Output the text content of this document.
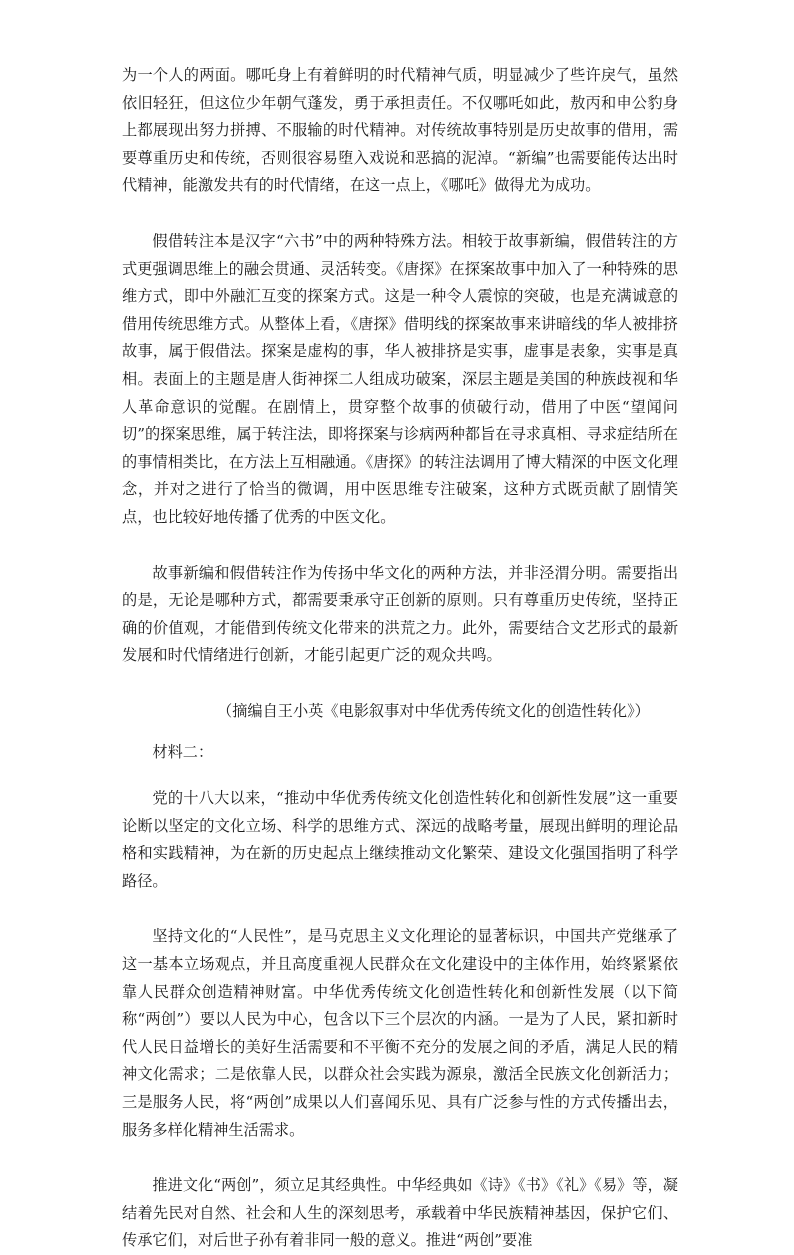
为一个人的两面。哪吒身上有着鲜明的时代精神气质，明显减少了些许戾气，虽然依旧轻狂，但这位少年朝气蓬发，勇于承担责任。不仅哪吒如此，敖丙和申公豹身上都展现出努力拼搏、不服输的时代精神。对传统故事特别是历史故事的借用，需要尊重历史和传统，否则很容易堕入戏说和恶搞的泥淖。“新编”也需要能传达出时代精神，能激发共有的时代情绪，在这一点上，《哪吒》做得尤为成功。

假借转注本是汉字“六书”中的两种特殊方法。相较于故事新编，假借转注的方式更强调思维上的融会贯通、灵活转变。《唐探》在探案故事中加入了一种特殊的思维方式，即中外融汇互变的探案方式。这是一种令人震惊的突破，也是充满诚意的借用传统思维方式。从整体上看，《唐探》借明线的探案故事来讲暗线的华人被排挤故事，属于假借法。探案是虚构的事，华人被排挤是实事，虚事是表象，实事是真相。表面上的主题是唐人街神探二人组成功破案，深层主题是美国的种族歧视和华人革命意识的觉醒。在剧情上，贯穿整个故事的侦破行动，借用了中医“望闻问切”的探案思维，属于转注法，即将探案与诊病两种都旨在寻求真相、寻求症结所在的事情相类比，在方法上互相融通。《唐探》的转注法调用了博大精深的中医文化理念，并对之进行了恰当的微调，用中医思维专注破案，这种方式既贡献了剧情笑点，也比较好地传播了优秀的中医文化。

故事新编和假借转注作为传扬中华文化的两种方法，并非泾渭分明。需要指出的是，无论是哪种方式，都需要秉承守正创新的原则。只有尊重历史传统，坚持正确的价值观，才能借到传统文化带来的洪荒之力。此外，需要结合文艺形式的最新发展和时代情绪进行创新，才能引起更广泛的观众共鸣。

（摘编自王小英《电影叙事对中华优秀传统文化的创造性转化》）

材料二：

党的十八大以来，“推动中华优秀传统文化创造性转化和创新性发展”这一重要论断以坚定的文化立场、科学的思维方式、深远的战略考量，展现出鲜明的理论品格和实践精神，为在新的历史起点上继续推动文化繁荣、建设文化强国指明了科学路径。

坚持文化的“人民性”，是马克思主义文化理论的显著标识，中国共产党继承了这一基本立场观点，并且高度重视人民群众在文化建设中的主体作用，始终紧紧依靠人民群众创造精神财富。中华优秀传统文化创造性转化和创新性发展（以下简称“两创”）要以人民为中心，包含以下三个层次的内涵。一是为了人民，紧扣新时代人民日益增长的美好生活需要和不平衡不充分的发展之间的矛盾，满足人民的精神文化需求；二是依靠人民，以群众社会实践为源泉，激活全民族文化创新活力；三是服务人民，将“两创”成果以人们喜闻乐见、具有广泛参与性的方式传播出去，服务多样化精神生活需求。

推进文化“两创”，须立足其经典性。中华经典如《诗》《书》《礼》《易》等，凝结着先民对自然、社会和人生的深刻思考，承载着中华民族精神基因，保护它们、传承它们，对后世子孙有着非同一般的意义。推进“两创”要准
